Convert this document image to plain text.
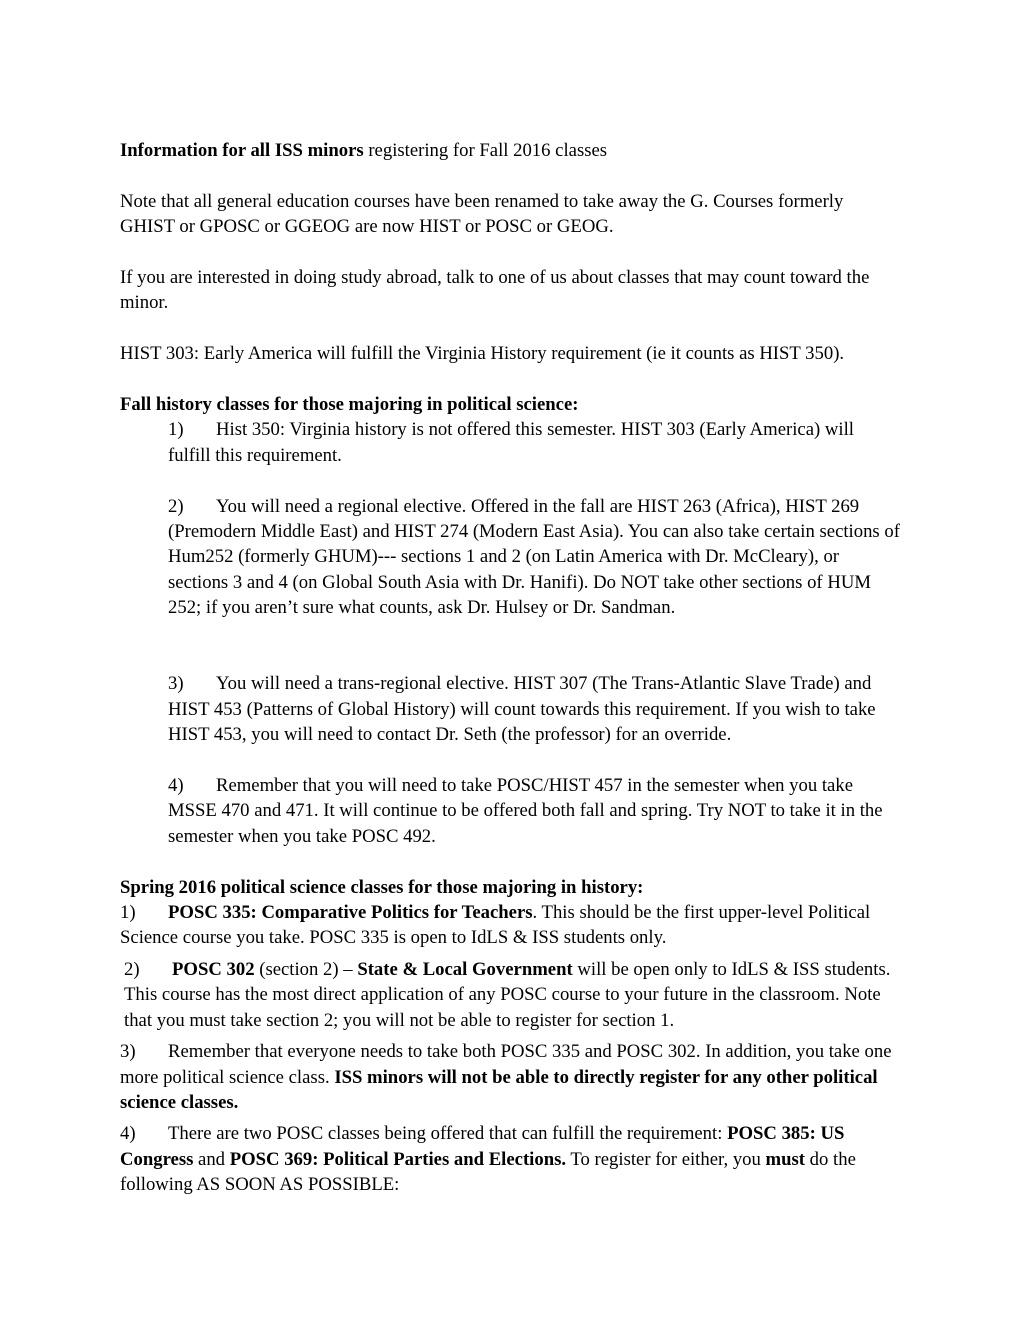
Information for all ISS minors registering for Fall 2016 classes

Note that all general education courses have been renamed to take away the G. Courses formerly GHIST or GPOSC or GGEOG are now HIST or POSC or GEOG.

If you are interested in doing study abroad, talk to one of us about classes that may count toward the minor.

HIST 303: Early America will fulfill the Virginia History requirement (ie it counts as HIST 350).

Fall history classes for those majoring in political science:

1) Hist 350: Virginia history is not offered this semester. HIST 303 (Early America) will fulfill this requirement.

2) You will need a regional elective. Offered in the fall are HIST 263 (Africa), HIST 269 (Premodern Middle East) and HIST 274 (Modern East Asia). You can also take certain sections of Hum252 (formerly GHUM)--- sections 1 and 2 (on Latin America with Dr. McCleary), or sections 3 and 4 (on Global South Asia with Dr. Hanifi). Do NOT take other sections of HUM 252; if you aren’t sure what counts, ask Dr. Hulsey or Dr. Sandman.

3) You will need a trans-regional elective. HIST 307 (The Trans-Atlantic Slave Trade) and HIST 453 (Patterns of Global History) will count towards this requirement. If you wish to take HIST 453, you will need to contact Dr. Seth (the professor) for an override.

4) Remember that you will need to take POSC/HIST 457 in the semester when you take MSSE 470 and 471. It will continue to be offered both fall and spring. Try NOT to take it in the semester when you take POSC 492.

Spring 2016 political science classes for those majoring in history:

1) POSC 335: Comparative Politics for Teachers. This should be the first upper-level Political Science course you take. POSC 335 is open to IdLS & ISS students only.

2) POSC 302 (section 2) – State & Local Government will be open only to IdLS & ISS students. This course has the most direct application of any POSC course to your future in the classroom. Note that you must take section 2; you will not be able to register for section 1.

3) Remember that everyone needs to take both POSC 335 and POSC 302. In addition, you take one more political science class. ISS minors will not be able to directly register for any other political science classes.

4) There are two POSC classes being offered that can fulfill the requirement: POSC 385: US Congress and POSC 369: Political Parties and Elections. To register for either, you must do the following AS SOON AS POSSIBLE:
